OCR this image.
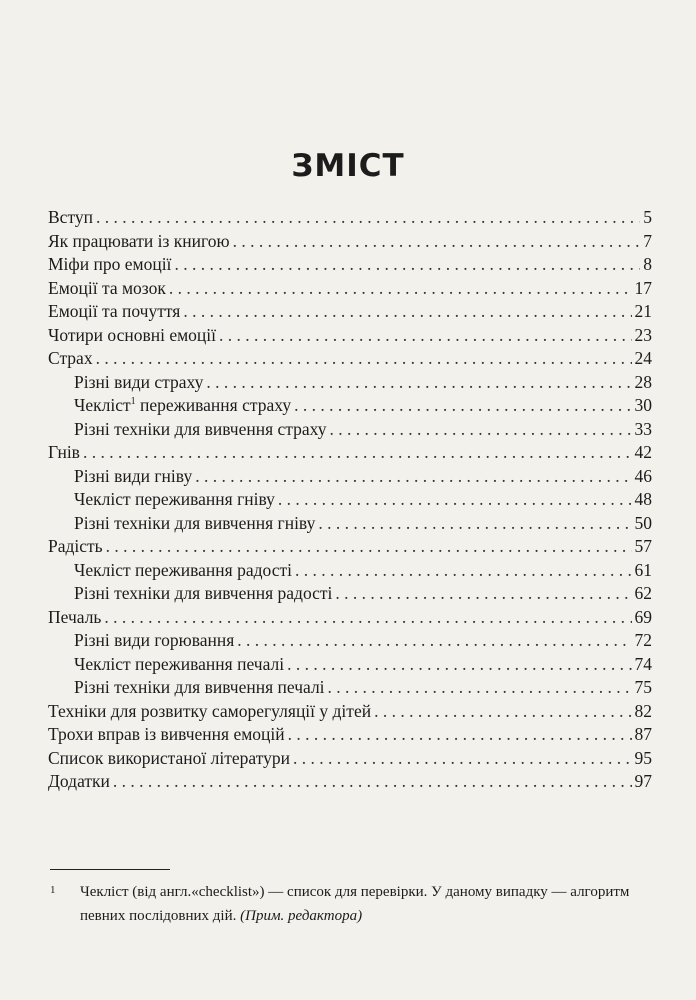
ЗМІСТ
Вступ . . .	5
Як працювати із книгою . . .	7
Міфи про емоції . . .	8
Емоції та мозок . . .	17
Емоції та почуття . . .	21
Чотири основні емоції . . .	23
Страх . . .	24
Різні види страху . . .	28
Чекліст$^1$ переживання страху . . .	30
Різні техніки для вивчення страху . . .	33
Гнів . . .	42
Різні види гніву . . .	46
Чекліст переживання гніву . . .	48
Різні техніки для вивчення гніву . . .	50
Радість . . .	57
Чекліст переживання радості . . .	61
Різні техніки для вивчення радості . . .	62
Печаль . . .	69
Різні види горювання . . .	72
Чекліст переживання печалі . . .	74
Різні техніки для вивчення печалі . . .	75
Техніки для розвитку саморегуляції у дітей . . .	82
Трохи вправ із вивчення емоцій . . .	87
Список використаної літератури . . .	95
Додатки . . .	97
1 Чекліст (від англ.«checklist») — список для перевірки. У даному випадку — алгоритм певних послідовних дій. (Прим. редактора)
